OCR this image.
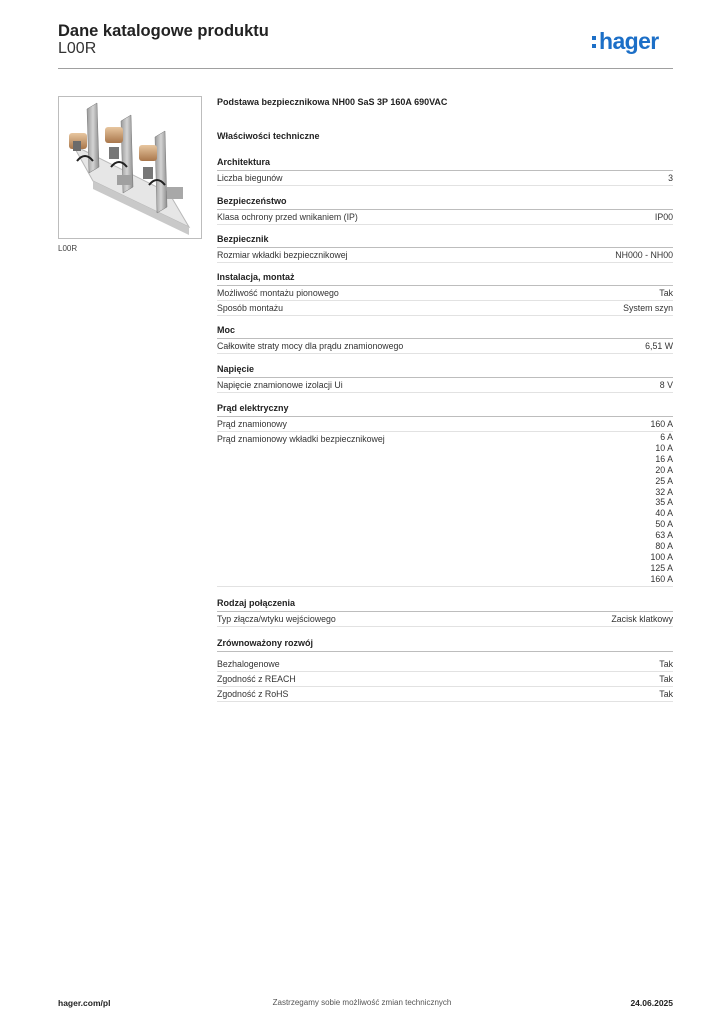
Dane katalogowe produktu
L00R	hager
L00R
Podstawa bezpiecznikowa NH00 SaS 3P 160A 690VAC
Właściwości techniczne
Architektura
Liczba biegunów	3
Bezpieczeństwo
Klasa ochrony przed wnikaniem (IP)	IP00
Bezpiecznik
Rozmiar wkładki bezpiecznikowej	NH000 - NH00
Instalacja, montaż
Możliwość montażu pionowego	Tak
Sposób montażu	System szyn
Moc
Całkowite straty mocy dla prądu znamionowego	6,51 W
Napięcie
Napięcie znamionowe izolacji Ui	8 V
Prąd elektryczny
Prąd znamionowy	160 A
Prąd znamionowy wkładki bezpiecznikowej	6 A
10 A
16 A
20 A
25 A
32 A
35 A
40 A
50 A
63 A
80 A
100 A
125 A
160 A
Rodzaj połączenia
Typ złącza/wtyku wejściowego	Zacisk klatkowy
Zrównoważony rozwój
Bezhalogenowe	Tak
Zgodność z REACH	Tak
Zgodność z RoHS	Tak
hager.com/pl	Zastrzegamy sobie możliwość zmian technicznych	24.06.2025
